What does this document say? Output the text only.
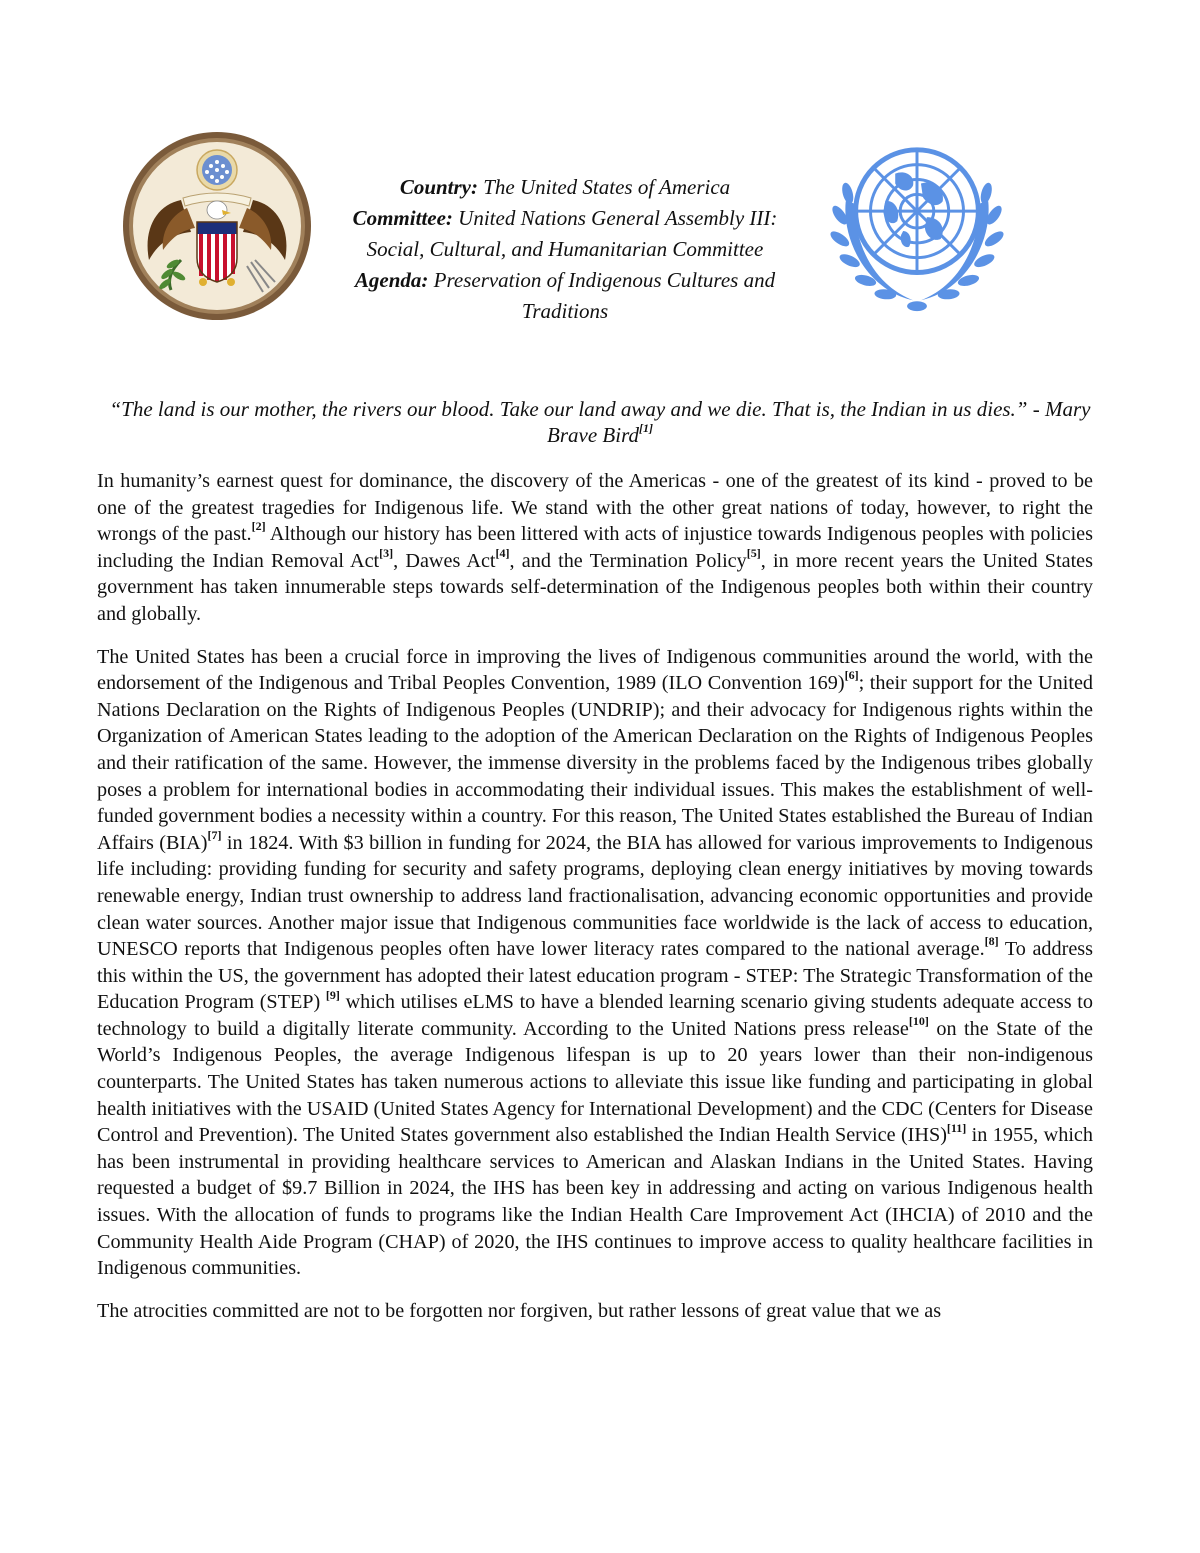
Country: The United States of America
Committee: United Nations General Assembly III:
Social, Cultural, and Humanitarian Committee
Agenda: Preservation of Indigenous Cultures and
Traditions
“The land is our mother, the rivers our blood. Take our land away and we die. That is, the Indian in us dies.” - Mary Brave Bird[1]

In humanity’s earnest quest for dominance, the discovery of the Americas - one of the greatest of its kind - proved to be one of the greatest tragedies for Indigenous life. We stand with the other great nations of today, however, to right the wrongs of the past.[2] Although our history has been littered with acts of injustice towards Indigenous peoples with policies including the Indian Removal Act[3], Dawes Act[4], and the Termination Policy[5], in more recent years the United States government has taken innumerable steps towards self-determination of the Indigenous peoples both within their country and globally.

The United States has been a crucial force in improving the lives of Indigenous communities around the world, with the endorsement of the Indigenous and Tribal Peoples Convention, 1989 (ILO Convention 169)[6]; their support for the United Nations Declaration on the Rights of Indigenous Peoples (UNDRIP); and their advocacy for Indigenous rights within the Organization of American States leading to the adoption of the American Declaration on the Rights of Indigenous Peoples and their ratification of the same. However, the immense diversity in the problems faced by the Indigenous tribes globally poses a problem for international bodies in accommodating their individual issues. This makes the establishment of well-funded government bodies a necessity within a country. For this reason, The United States established the Bureau of Indian Affairs (BIA)[7] in 1824. With $3 billion in funding for 2024, the BIA has allowed for various improvements to Indigenous life including: providing funding for security and safety programs, deploying clean energy initiatives by moving towards renewable energy, Indian trust ownership to address land fractionalisation, advancing economic opportunities and provide clean water sources. Another major issue that Indigenous communities face worldwide is the lack of access to education, UNESCO reports that Indigenous peoples often have lower literacy rates compared to the national average.[8] To address this within the US, the government has adopted their latest education program - STEP: The Strategic Transformation of the Education Program (STEP) [9] which utilises eLMS to have a blended learning scenario giving students adequate access to technology to build a digitally literate community. According to the United Nations press release[10] on the State of the World’s Indigenous Peoples, the average Indigenous lifespan is up to 20 years lower than their non-indigenous counterparts. The United States has taken numerous actions to alleviate this issue like funding and participating in global health initiatives with the USAID (United States Agency for International Development) and the CDC (Centers for Disease Control and Prevention). The United States government also established the Indian Health Service (IHS)[11] in 1955, which has been instrumental in providing healthcare services to American and Alaskan Indians in the United States. Having requested a budget of $9.7 Billion in 2024, the IHS has been key in addressing and acting on various Indigenous health issues. With the allocation of funds to programs like the Indian Health Care Improvement Act (IHCIA) of 2010 and the Community Health Aide Program (CHAP) of 2020, the IHS continues to improve access to quality healthcare facilities in Indigenous communities.

The atrocities committed are not to be forgotten nor forgiven, but rather lessons of great value that we as
